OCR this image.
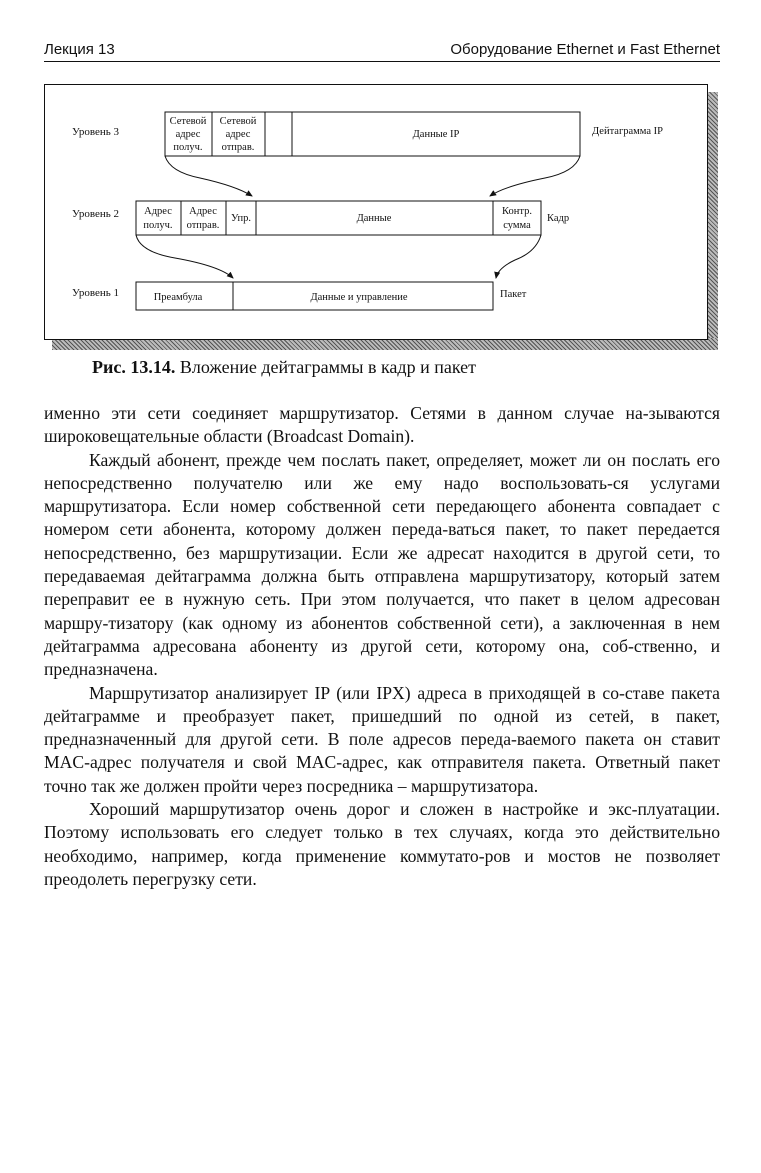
Лекция 13	Оборудование Ethernet и Fast Ethernet
Уровень 3
Сетевой
адрес
получ.
Сетевой
адрес
отправ.
Данные IP	Дейтаграмма IP
Уровень 2 Адрес
получ.
Адрес
отправ.
Упр.	Данные
Контр.
сумма
Кадр
Уровень 1	Преамбула	Данные и управление	Пакет
Рис. 13.14. Вложение дейтаграммы в кадр и пакет

именно эти сети соединяет маршрутизатор. Сетями в данном случае на-зываются широковещательные области (Broadcast Domain).

Каждый абонент, прежде чем послать пакет, определяет, может ли он послать его непосредственно получателю или же ему надо воспользовать-ся услугами маршрутизатора. Если номер собственной сети передающего абонента совпадает с номером сети абонента, которому должен переда-ваться пакет, то пакет передается непосредственно, без маршрутизации. Если же адресат находится в другой сети, то передаваемая дейтаграмма должна быть отправлена маршрутизатору, который затем переправит ее в нужную сеть. При этом получается, что пакет в целом адресован маршру-тизатору (как одному из абонентов собственной сети), а заключенная в нем дейтаграмма адресована абоненту из другой сети, которому она, соб-ственно, и предназначена.

Маршрутизатор анализирует IP (или IPX) адреса в приходящей в со-ставе пакета дейтаграмме и преобразует пакет, пришедший по одной из сетей, в пакет, предназначенный для другой сети. В поле адресов переда-ваемого пакета он ставит MAC-адрес получателя и свой MAC-адрес, как отправителя пакета. Ответный пакет точно так же должен пройти через посредника – маршрутизатора.

Хороший маршрутизатор очень дорог и сложен в настройке и экс-плуатации. Поэтому использовать его следует только в тех случаях, когда это действительно необходимо, например, когда применение коммутато-ров и мостов не позволяет преодолеть перегрузку сети.
